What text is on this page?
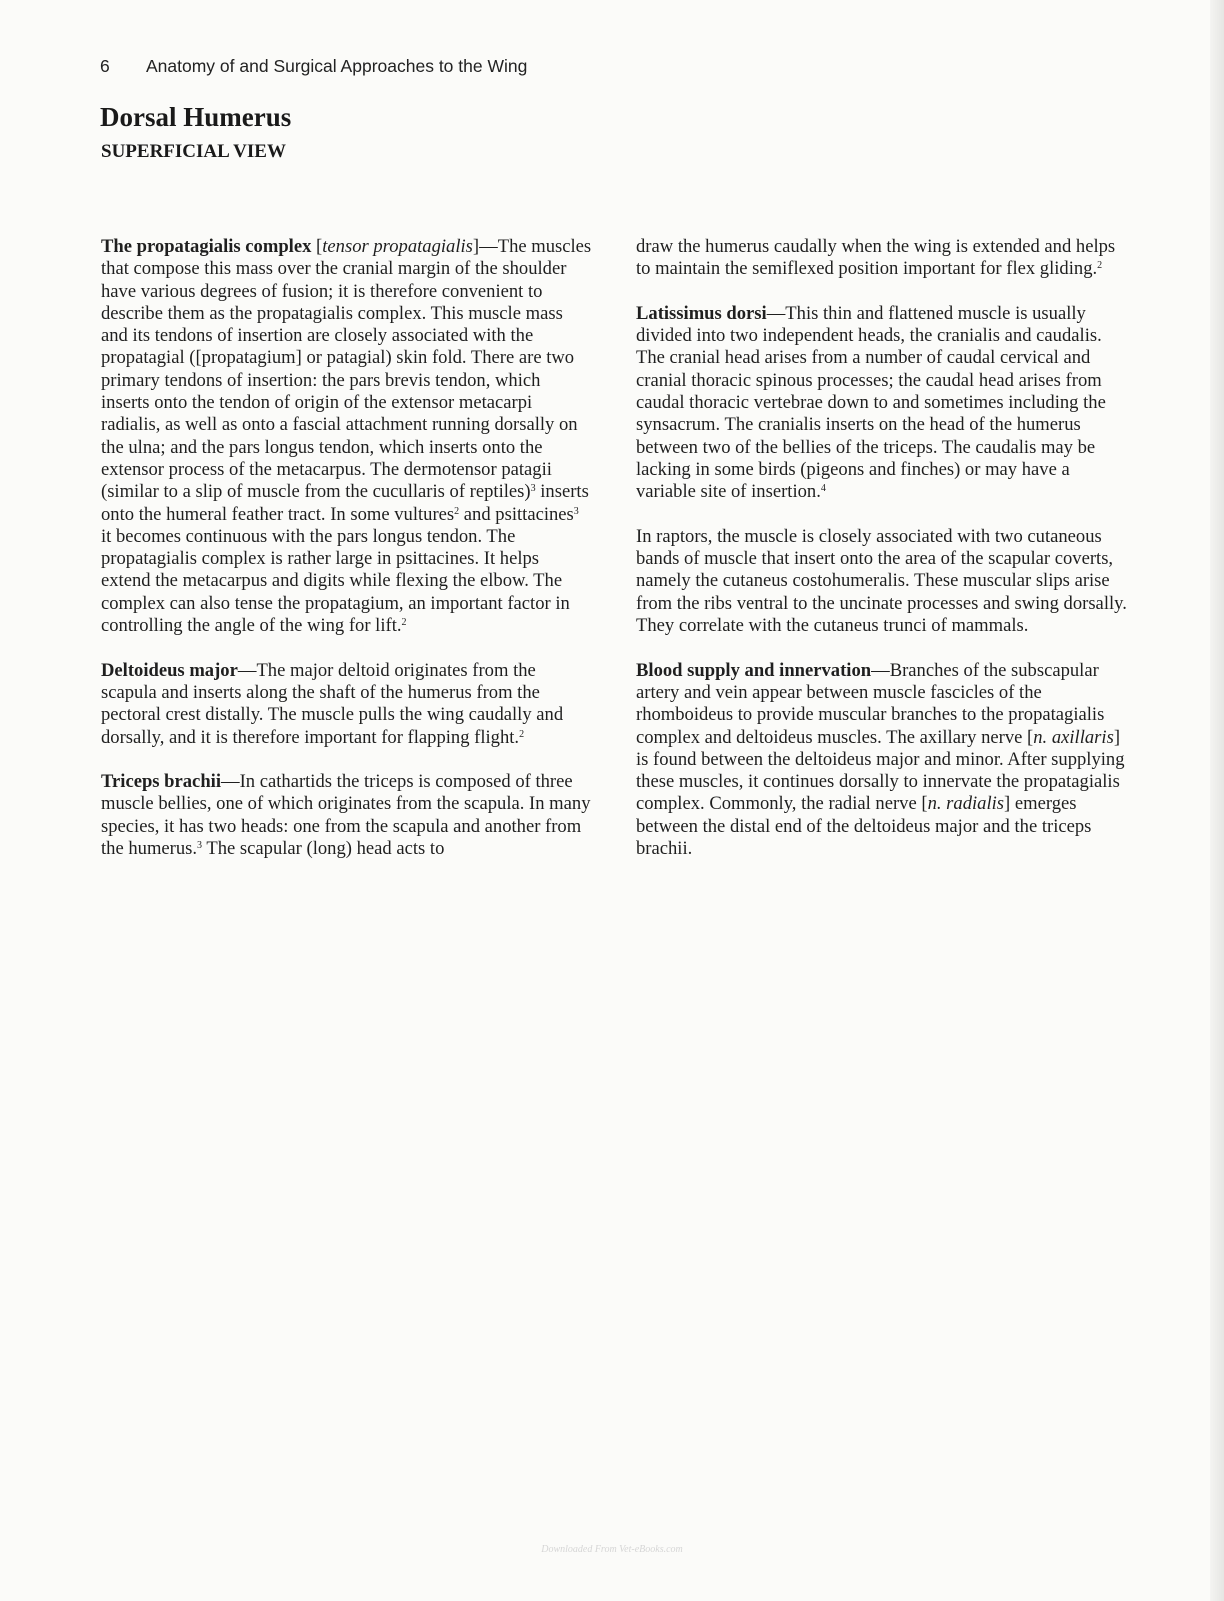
6 Anatomy of and Surgical Approaches to the Wing
Dorsal Humerus
SUPERFICIAL VIEW

The propatagialis complex [tensor propatagialis]—The muscles that compose this mass over the cranial margin of the shoulder have various degrees of fusion; it is therefore convenient to describe them as the propatagialis complex. This muscle mass and its tendons of insertion are closely associated with the propatagial ([propatagium] or patagial) skin fold. There are two primary tendons of insertion: the pars brevis tendon, which inserts onto the tendon of origin of the extensor metacarpi radialis, as well as onto a fascial attachment running dorsally on the ulna; and the pars longus tendon, which inserts onto the extensor process of the metacarpus. The dermotensor patagii (similar to a slip of muscle from the cucullaris of reptiles)$^3$ inserts onto the humeral feather tract. In some vultures$^2$ and psittacines$^3$ it becomes continuous with the pars longus tendon. The propatagialis complex is rather large in psittacines. It helps extend the metacarpus and digits while flexing the elbow. The complex can also tense the propatagium, an important factor in controlling the angle of the wing for lift.$^2$

Deltoideus major—The major deltoid originates from the scapula and inserts along the shaft of the humerus from the pectoral crest distally. The muscle pulls the wing caudally and dorsally, and it is therefore important for flapping flight.$^2$

Triceps brachii—In cathartids the triceps is composed of three muscle bellies, one of which originates from the scapula. In many species, it has two heads: one from the scapula and another from the humerus.$^3$ The scapular (long) head acts to

draw the humerus caudally when the wing is extended and helps to maintain the semiflexed position important for flex gliding.$^2$

Latissimus dorsi—This thin and flattened muscle is usually divided into two independent heads, the cranialis and caudalis. The cranial head arises from a number of caudal cervical and cranial thoracic spinous processes; the caudal head arises from caudal thoracic vertebrae down to and sometimes including the synsacrum. The cranialis inserts on the head of the humerus between two of the bellies of the triceps. The caudalis may be lacking in some birds (pigeons and finches) or may have a variable site of insertion.$^4$

In raptors, the muscle is closely associated with two cutaneous bands of muscle that insert onto the area of the scapular coverts, namely the cutaneus costohumeralis. These muscular slips arise from the ribs ventral to the uncinate processes and swing dorsally. They correlate with the cutaneus trunci of mammals.

Blood supply and innervation—Branches of the subscapular artery and vein appear between muscle fascicles of the rhomboideus to provide muscular branches to the propatagialis complex and deltoideus muscles. The axillary nerve [n. axillaris] is found between the deltoideus major and minor. After supplying these muscles, it continues dorsally to innervate the propatagialis complex. Commonly, the radial nerve [n. radialis] emerges between the distal end of the deltoideus major and the triceps brachii.

Downloaded From Vet-eBooks.com
